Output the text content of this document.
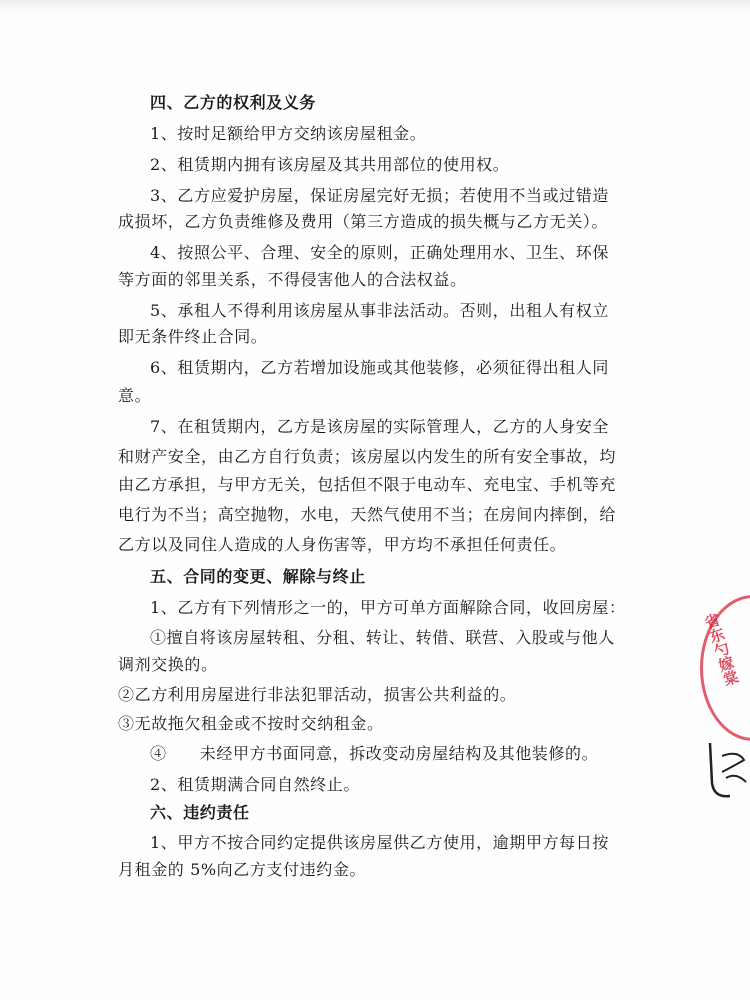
四、乙方的权利及义务
1、按时足额给甲方交纳该房屋租金。
2、租赁期内拥有该房屋及其共用部位的使用权。
3、乙方应爱护房屋，保证房屋完好无损；若使用不当或过错造
成损坏，乙方负责维修及费用（第三方造成的损失概与乙方无关）。
4、按照公平、合理、安全的原则，正确处理用水、卫生、环保
等方面的邻里关系，不得侵害他人的合法权益。
5、承租人不得利用该房屋从事非法活动。否则，出租人有权立
即无条件终止合同。
6、租赁期内，乙方若增加设施或其他装修，必须征得出租人同
意。
7、在租赁期内，乙方是该房屋的实际管理人，乙方的人身安全
和财产安全，由乙方自行负责；该房屋以内发生的所有安全事故，均
由乙方承担，与甲方无关，包括但不限于电动车、充电宝、手机等充
电行为不当；高空抛物，水电，天然气使用不当；在房间内摔倒，给
乙方以及同住人造成的人身伤害等，甲方均不承担任何责任。
五、合同的变更、解除与终止
1、乙方有下列情形之一的，甲方可单方面解除合同，收回房屋：
①擅自将该房屋转租、分租、转让、转借、联营、入股或与他人
调剂交换的。
②乙方利用房屋进行非法犯罪活动，损害公共利益的。
③无故拖欠租金或不按时交纳租金。
④　　未经甲方书面同意，拆改变动房屋结构及其他装修的。
2、租赁期满合同自然终止。
六、违约责任
1、甲方不按合同约定提供该房屋供乙方使用，逾期甲方每日按
月租金的 5%向乙方支付违约金。
省东勺嫁棠
